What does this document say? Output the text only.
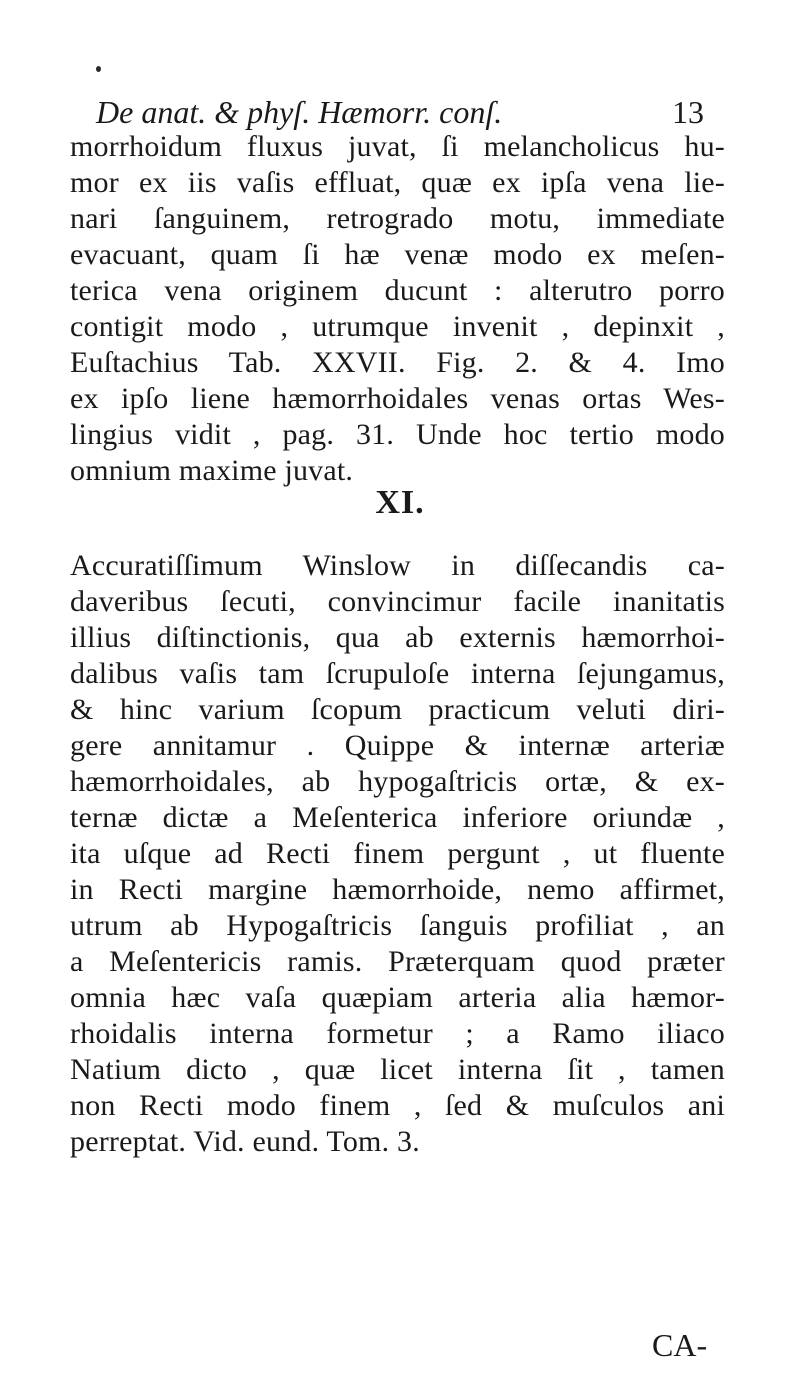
De anat. & phyſ. Hæmorr. conſ.	13
morrhoidum fluxus juvat, ſi melancholicus hu-
mor ex iis vaſis effluat, quæ ex ipſa vena lie-
nari ſanguinem, retrogrado motu, immediate
evacuant, quam ſi hæ venæ modo ex meſen-
terica vena originem ducunt : alterutro porro
contigit modo , utrumque invenit , depinxit ,
Euſtachius Tab. XXVII. Fig. 2. & 4. Imo
ex ipſo liene hæmorrhoidales venas ortas Wes-
lingius vidit , pag. 31. Unde hoc tertio modo
omnium maxime juvat.
XI.
Accuratiſſimum Winslow in diſſecandis ca-
daveribus ſecuti, convincimur facile inanitatis
illius diſtinctionis, qua ab externis hæmorrhoi-
dalibus vaſis tam ſcrupuloſe interna ſejungamus,
& hinc varium ſcopum practicum veluti diri-
gere annitamur . Quippe & internæ arteriæ
hæmorrhoidales, ab hypogaſtricis ortæ, & ex-
ternæ dictæ a Meſenterica inferiore oriundæ ,
ita uſque ad Recti finem pergunt , ut fluente
in Recti margine hæmorrhoide, nemo affirmet,
utrum ab Hypogaſtricis ſanguis profiliat , an
a Meſentericis ramis. Præterquam quod præter
omnia hæc vaſa quæpiam arteria alia hæmor-
rhoidalis interna formetur ; a Ramo iliaco
Natium dicto , quæ licet interna ſit , tamen
non Recti modo finem , ſed & muſculos ani
perreptat. Vid. eund. Tom. 3.
CA-
